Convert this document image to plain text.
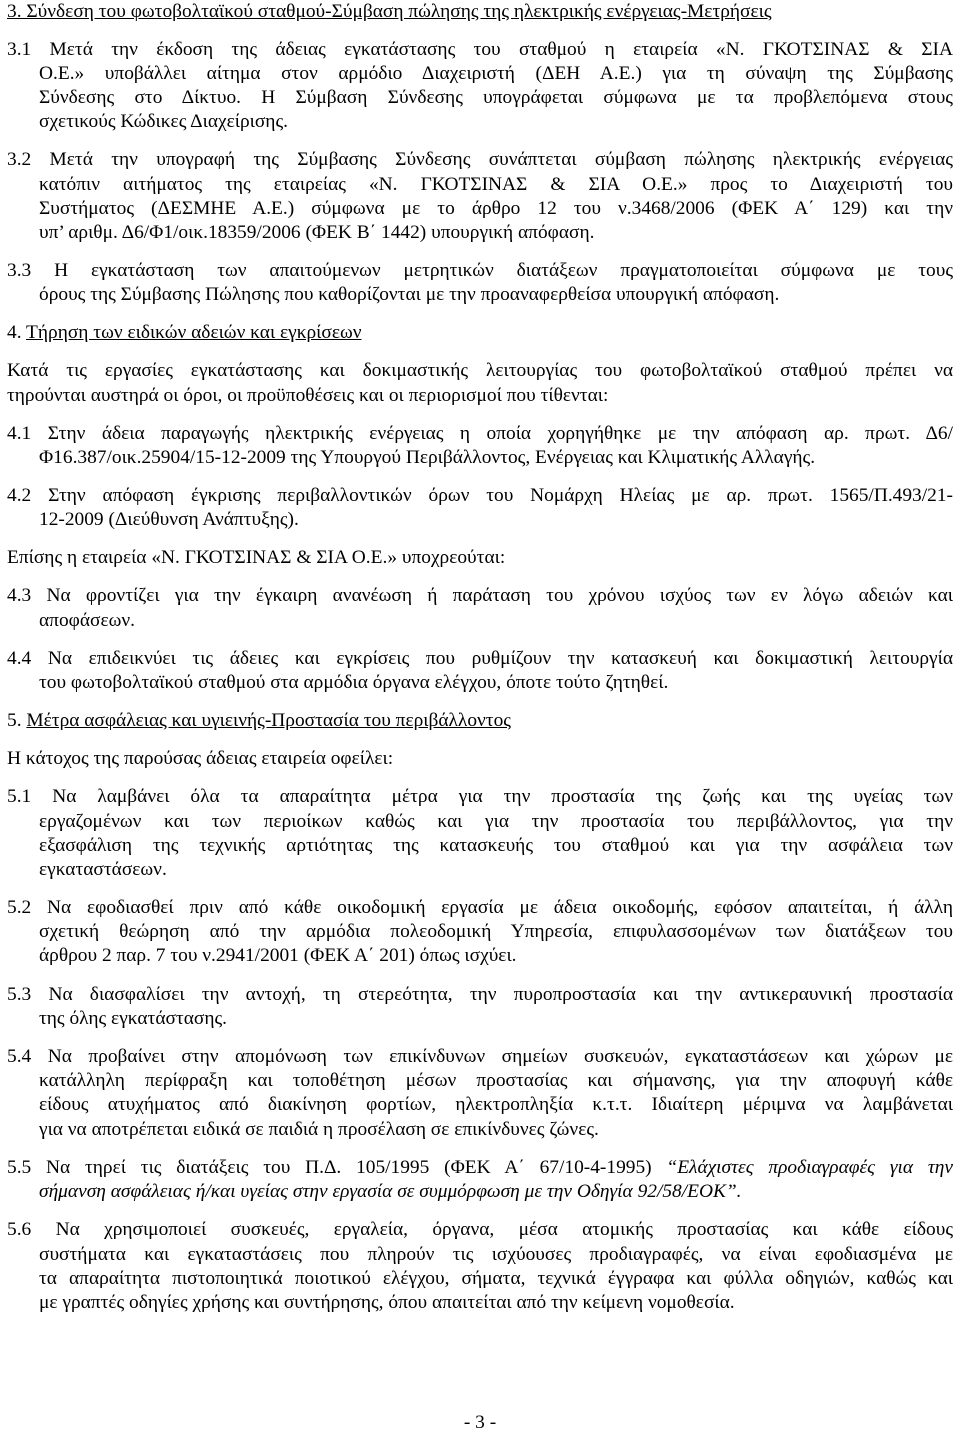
3. Σύνδεση του φωτοβολταϊκού σταθμού-Σύμβαση πώλησης της ηλεκτρικής ενέργειας-Μετρήσεις
3.1 Μετά την έκδοση της άδειας εγκατάστασης του σταθμού η εταιρεία «Ν. ΓΚΟΤΣΙΝΑΣ & ΣΙΑ
Ο.Ε.» υποβάλλει αίτημα στον αρμόδιο Διαχειριστή (ΔΕΗ Α.Ε.) για τη σύναψη της Σύμβασης
Σύνδεσης στο Δίκτυο. Η Σύμβαση Σύνδεσης υπογράφεται σύμφωνα με τα προβλεπόμενα στους
σχετικούς Κώδικες Διαχείρισης.
3.2 Μετά την υπογραφή της Σύμβασης Σύνδεσης συνάπτεται σύμβαση πώλησης ηλεκτρικής ενέργειας
κατόπιν αιτήματος της εταιρείας «Ν. ΓΚΟΤΣΙΝΑΣ & ΣΙΑ Ο.Ε.» προς το Διαχειριστή του
Συστήματος (ΔΕΣΜΗΕ Α.Ε.) σύμφωνα με το άρθρο 12 του ν.3468/2006 (ΦΕΚ Α΄ 129) και την
υπ’ αριθμ. Δ6/Φ1/οικ.18359/2006 (ΦΕΚ Β΄ 1442) υπουργική απόφαση.
3.3 Η εγκατάσταση των απαιτούμενων μετρητικών διατάξεων πραγματοποιείται σύμφωνα με τους
όρους της Σύμβασης Πώλησης που καθορίζονται με την προαναφερθείσα υπουργική απόφαση.
4. Τήρηση των ειδικών αδειών και εγκρίσεων
Κατά τις εργασίες εγκατάστασης και δοκιμαστικής λειτουργίας του φωτοβολταϊκού σταθμού πρέπει να
τηρούνται αυστηρά οι όροι, οι προϋποθέσεις και οι περιορισμοί που τίθενται:
4.1 Στην άδεια παραγωγής ηλεκτρικής ενέργειας η οποία χορηγήθηκε με την απόφαση αρ. πρωτ. Δ6/
Φ16.387/οικ.25904/15-12-2009 της Υπουργού Περιβάλλοντος, Ενέργειας και Κλιματικής Αλλαγής.
4.2 Στην απόφαση έγκρισης περιβαλλοντικών όρων του Νομάρχη Ηλείας με αρ. πρωτ. 1565/Π.493/21-
12-2009 (Διεύθυνση Ανάπτυξης).
Επίσης η εταιρεία «Ν. ΓΚΟΤΣΙΝΑΣ & ΣΙΑ Ο.Ε.» υποχρεούται:
4.3 Να φροντίζει για την έγκαιρη ανανέωση ή παράταση του χρόνου ισχύος των εν λόγω αδειών και
αποφάσεων.
4.4 Να επιδεικνύει τις άδειες και εγκρίσεις που ρυθμίζουν την κατασκευή και δοκιμαστική λειτουργία
του φωτοβολταϊκού σταθμού στα αρμόδια όργανα ελέγχου, όποτε τούτο ζητηθεί.
5. Μέτρα ασφάλειας και υγιεινής-Προστασία του περιβάλλοντος
Η κάτοχος της παρούσας άδειας εταιρεία οφείλει:
5.1 Να λαμβάνει όλα τα απαραίτητα μέτρα για την προστασία της ζωής και της υγείας των
εργαζομένων και των περιοίκων καθώς και για την προστασία του περιβάλλοντος, για την
εξασφάλιση της τεχνικής αρτιότητας της κατασκευής του σταθμού και για την ασφάλεια των
εγκαταστάσεων.
5.2 Να εφοδιασθεί πριν από κάθε οικοδομική εργασία με άδεια οικοδομής, εφόσον απαιτείται, ή άλλη
σχετική θεώρηση από την αρμόδια πολεοδομική Υπηρεσία, επιφυλασσομένων των διατάξεων του
άρθρου 2 παρ. 7 του ν.2941/2001 (ΦΕΚ Α΄ 201) όπως ισχύει.
5.3 Να διασφαλίσει την αντοχή, τη στερεότητα, την πυροπροστασία και την αντικεραυνική προστασία
της όλης εγκατάστασης.
5.4 Να προβαίνει στην απομόνωση των επικίνδυνων σημείων συσκευών, εγκαταστάσεων και χώρων με
κατάλληλη περίφραξη και τοποθέτηση μέσων προστασίας και σήμανσης, για την αποφυγή κάθε
είδους ατυχήματος από διακίνηση φορτίων, ηλεκτροπληξία κ.τ.τ. Ιδιαίτερη μέριμνα να λαμβάνεται
για να αποτρέπεται ειδικά σε παιδιά η προσέλαση σε επικίνδυνες ζώνες.
5.5 Να τηρεί τις διατάξεις του Π.Δ. 105/1995 (ΦΕΚ Α΄ 67/10-4-1995) “Ελάχιστες προδιαγραφές για την
σήμανση ασφάλειας ή/και υγείας στην εργασία σε συμμόρφωση με την Οδηγία 92/58/ΕΟΚ”.
5.6 Να χρησιμοποιεί συσκευές, εργαλεία, όργανα, μέσα ατομικής προστασίας και κάθε είδους
συστήματα και εγκαταστάσεις που πληρούν τις ισχύουσες προδιαγραφές, να είναι εφοδιασμένα με
τα απαραίτητα πιστοποιητικά ποιοτικού ελέγχου, σήματα, τεχνικά έγγραφα και φύλλα οδηγιών, καθώς και
με γραπτές οδηγίες χρήσης και συντήρησης, όπου απαιτείται από την κείμενη νομοθεσία.
- 3 -
